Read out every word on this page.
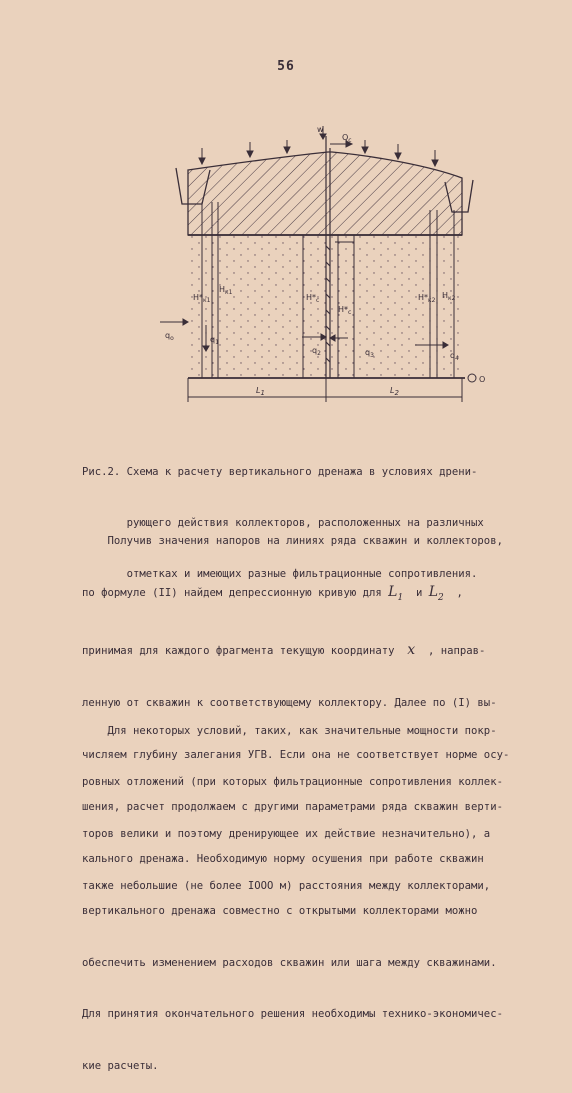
56
w
$Q_c$
$q_o$	$q_1$
$q_2$	$q_3$	$q_4$
$H*_{к1}$
$H_{к1}$
$H*_c$
$H*_c$
$H*_{к2}$
$H_{к2}$
L1	L2
O

Рис.2. Схема к расчету вертикального дренажа в условиях дрени-

рующего действия коллекторов, расположенных на различных

отметках и имеющих разные фильтрационные сопротивления.

Получив значения напоров на линиях ряда скважин и коллекторов,

по формуле (II) найдем депрессионную кривую для $L_1$  и $L_2$  ,

принимая для каждого фрагмента текущую координату  x  , направ-

ленную от скважин к соответствующему коллектору. Далее по (I) вы-

числяем глубину залегания УГВ. Если она не соответствует норме осу-

шения, расчет продолжаем с другими параметрами ряда скважин верти-

кального дренажа. Необходимую норму осушения при работе скважин

вертикального дренажа совместно с открытыми коллекторами можно

обеспечить изменением расходов скважин или шага между скважинами.

Для принятия окончательного решения необходимы технико-экономичес-

кие расчеты.

Для некоторых условий, таких, как значительные мощности покр-

ровных отложений (при которых фильтрационные сопротивления коллек-

торов велики и поэтому дренирующее их действие незначительно), а

также небольшие (не более IOOO м) расстояния между коллекторами,
